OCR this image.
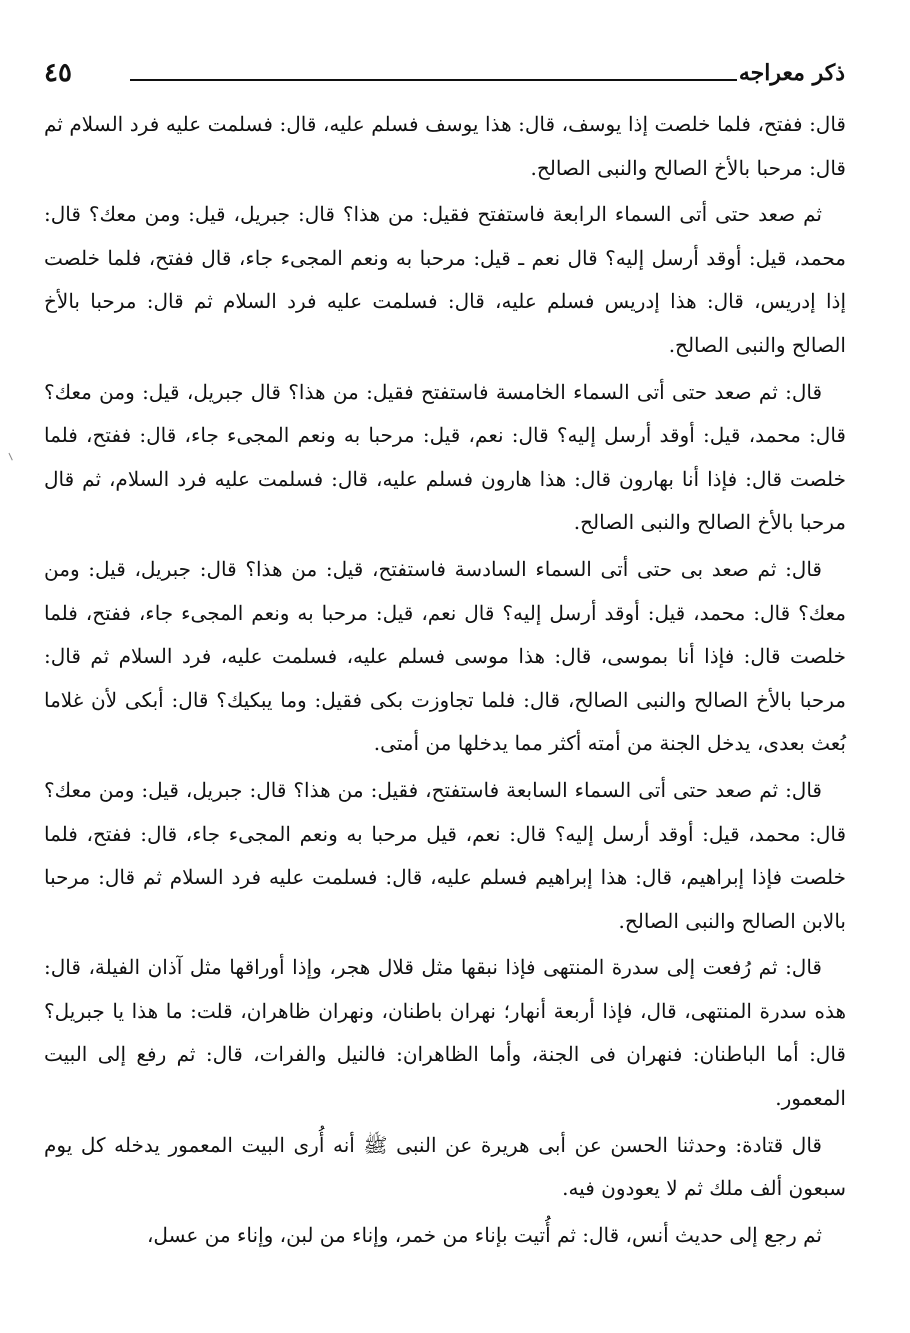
ذكر معراجه
٤٥

قال: ففتح، فلما خلصت إذا يوسف، قال: هذا يوسف فسلم عليه، قال: فسلمت عليه فرد السلام ثم قال: مرحبا بالأخ الصالح والنبى الصالح.

ثم صعد حتى أتى السماء الرابعة فاستفتح فقيل: من هذا؟ قال: جبريل، قيل: ومن معك؟ قال: محمد، قيل: أوقد أرسل إليه؟ قال نعم ـ قيل: مرحبا به ونعم المجىء جاء، قال ففتح، فلما خلصت إذا إدريس، قال: هذا إدريس فسلم عليه، قال: فسلمت عليه فرد السلام ثم قال: مرحبا بالأخ الصالح والنبى الصالح.

قال: ثم صعد حتى أتى السماء الخامسة فاستفتح فقيل: من هذا؟ قال جبريل، قيل: ومن معك؟ قال: محمد، قيل: أوقد أرسل إليه؟ قال: نعم، قيل: مرحبا به ونعم المجىء جاء، قال: ففتح، فلما خلصت قال: فإذا أنا بهارون قال: هذا هارون فسلم عليه، قال: فسلمت عليه فرد السلام، ثم قال مرحبا بالأخ الصالح والنبى الصالح.

قال: ثم صعد بى حتى أتى السماء السادسة فاستفتح، قيل: من هذا؟ قال: جبريل، قيل: ومن معك؟ قال: محمد، قيل: أوقد أرسل إليه؟ قال نعم، قيل: مرحبا به ونعم المجىء جاء، ففتح، فلما خلصت قال: فإذا أنا بموسى، قال: هذا موسى فسلم عليه، فسلمت عليه، فرد السلام ثم قال: مرحبا بالأخ الصالح والنبى الصالح، قال: فلما تجاوزت بكى فقيل: وما يبكيك؟ قال: أبكى لأن غلاما بُعث بعدى، يدخل الجنة من أمته أكثر مما يدخلها من أمتى.

قال: ثم صعد حتى أتى السماء السابعة فاستفتح، فقيل: من هذا؟ قال: جبريل، قيل: ومن معك؟ قال: محمد، قيل: أوقد أرسل إليه؟ قال: نعم، قيل مرحبا به ونعم المجىء جاء، قال: ففتح، فلما خلصت فإذا إبراهيم، قال: هذا إبراهيم فسلم عليه، قال: فسلمت عليه فرد السلام ثم قال: مرحبا بالابن الصالح والنبى الصالح.

قال: ثم رُفعت إلى سدرة المنتهى فإذا نبقها مثل قلال هجر، وإذا أوراقها مثل آذان الفيلة، قال: هذه سدرة المنتهى، قال، فإذا أربعة أنهار؛ نهران باطنان، ونهران ظاهران، قلت: ما هذا يا جبريل؟ قال: أما الباطنان: فنهران فى الجنة، وأما الظاهران: فالنيل والفرات، قال: ثم رفع إلى البيت المعمور.

قال قتادة: وحدثنا الحسن عن أبى هريرة عن النبى ﷺ أنه أُرى البيت المعمور يدخله كل يوم سبعون ألف ملك ثم لا يعودون فيه.

ثم رجع إلى حديث أنس، قال: ثم أُتيت بإناء من خمر، وإناء من لبن، وإناء من عسل،
